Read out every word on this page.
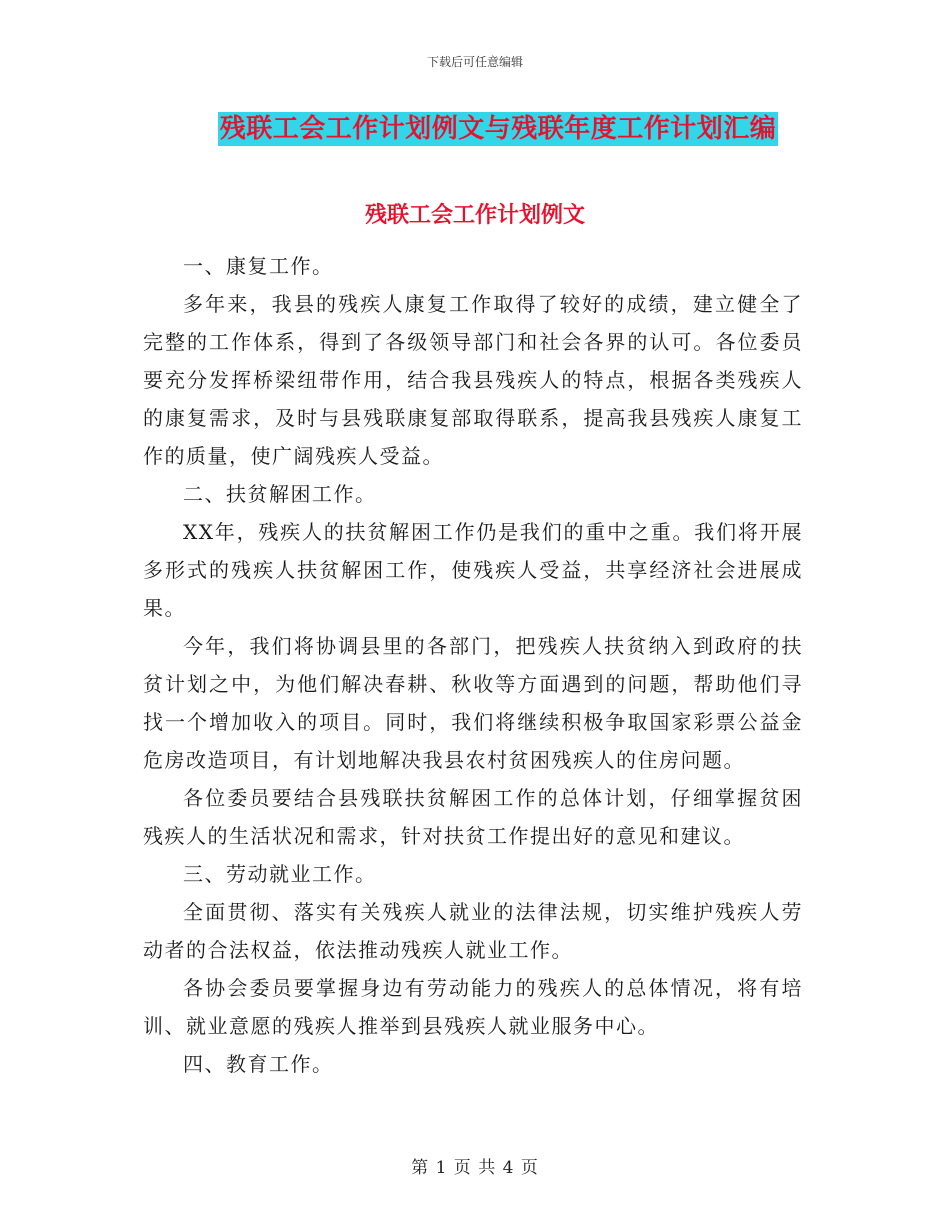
下载后可任意编辑
残联工会工作计划例文与残联年度工作计划汇编
残联工会工作计划例文

一、康复工作。

多年来，我县的残疾人康复工作取得了较好的成绩，建立健全了完整的工作体系，得到了各级领导部门和社会各界的认可。各位委员要充分发挥桥梁纽带作用，结合我县残疾人的特点，根据各类残疾人的康复需求，及时与县残联康复部取得联系，提高我县残疾人康复工作的质量，使广阔残疾人受益。

二、扶贫解困工作。

XX年，残疾人的扶贫解困工作仍是我们的重中之重。我们将开展多形式的残疾人扶贫解困工作，使残疾人受益，共享经济社会进展成果。

今年，我们将协调县里的各部门，把残疾人扶贫纳入到政府的扶贫计划之中，为他们解决春耕、秋收等方面遇到的问题，帮助他们寻找一个增加收入的项目。同时，我们将继续积极争取国家彩票公益金危房改造项目，有计划地解决我县农村贫困残疾人的住房问题。

各位委员要结合县残联扶贫解困工作的总体计划，仔细掌握贫困残疾人的生活状况和需求，针对扶贫工作提出好的意见和建议。

三、劳动就业工作。

全面贯彻、落实有关残疾人就业的法律法规，切实维护残疾人劳动者的合法权益，依法推动残疾人就业工作。

各协会委员要掌握身边有劳动能力的残疾人的总体情况，将有培训、就业意愿的残疾人推举到县残疾人就业服务中心。

四、教育工作。

第 1 页 共 4 页
